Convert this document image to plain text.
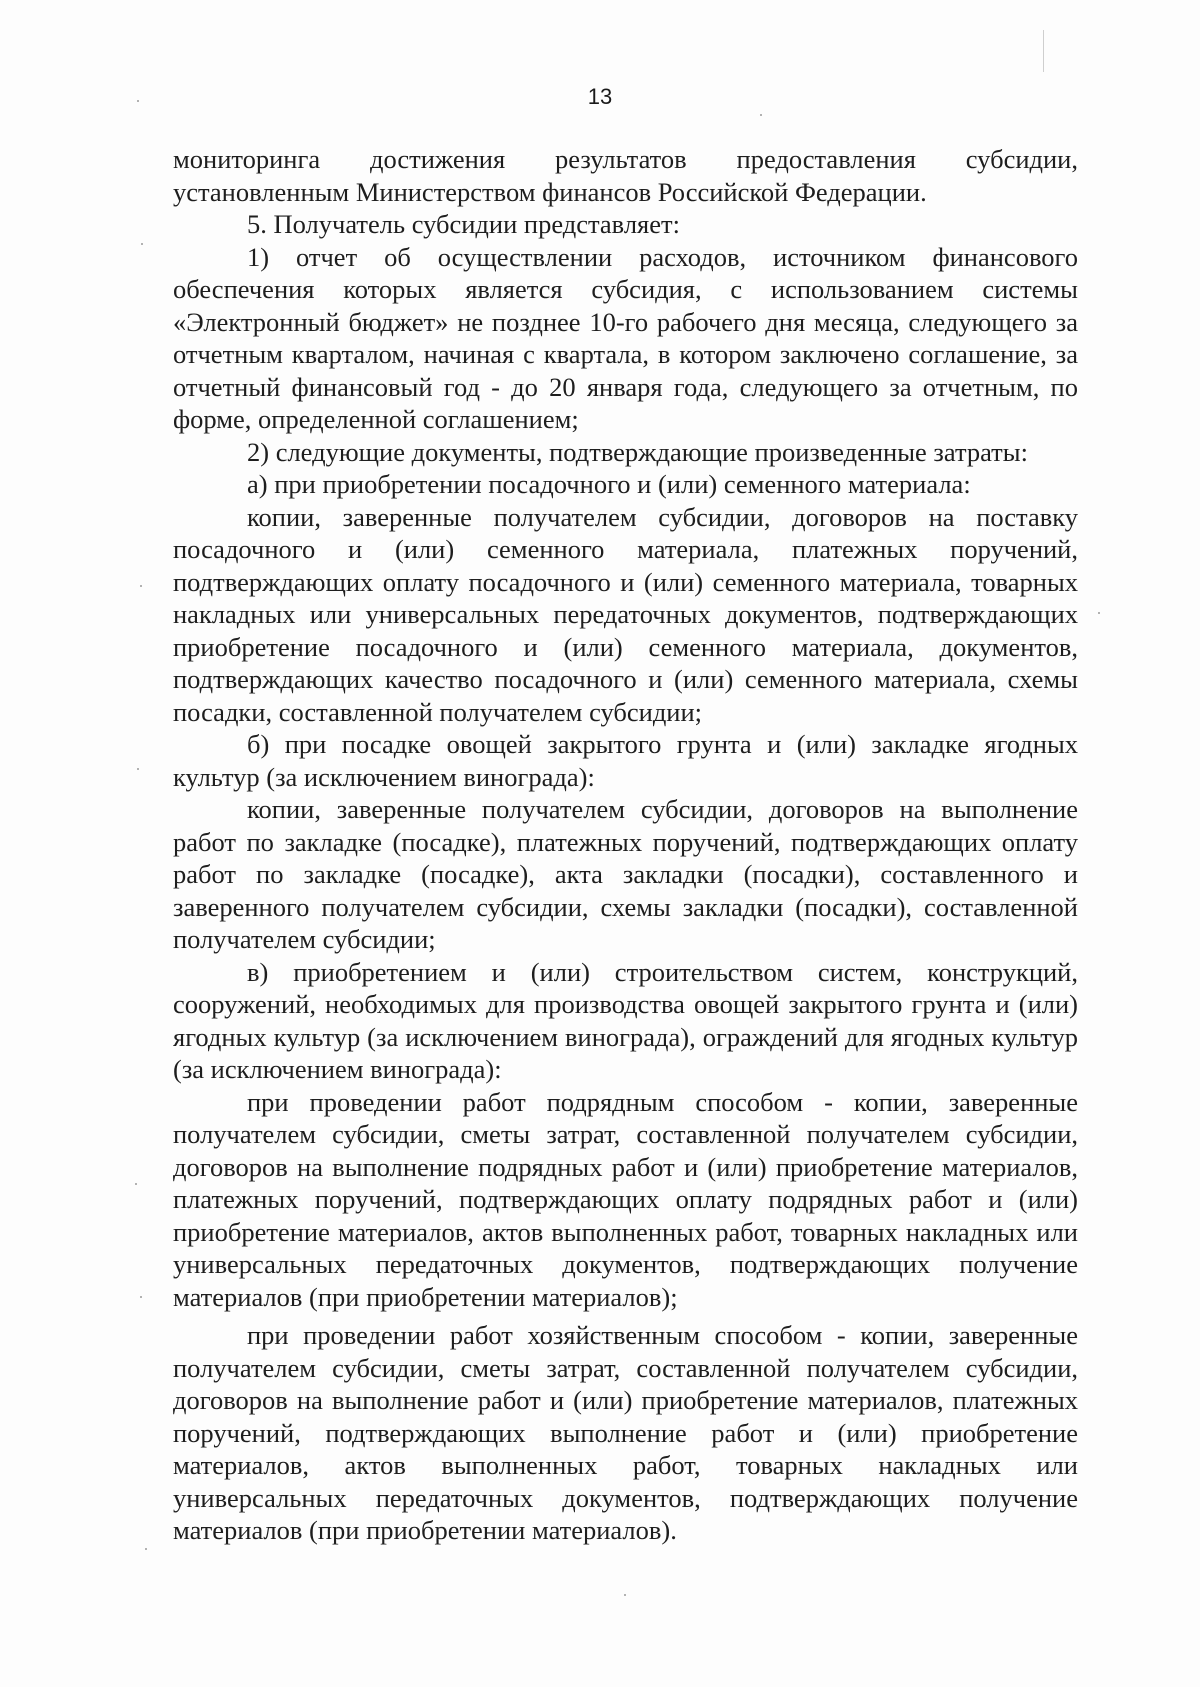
13

мониторинга достижения результатов предоставления субсидии, установленным Министерством финансов Российской Федерации.

5. Получатель субсидии представляет:

1) отчет об осуществлении расходов, источником финансового обеспечения которых является субсидия, с использованием системы «Электронный бюджет» не позднее 10-го рабочего дня месяца, следующего за отчетным кварталом, начиная с квартала, в котором заключено соглашение, за отчетный финансовый год - до 20 января года, следующего за отчетным, по форме, определенной соглашением;

2) следующие документы, подтверждающие произведенные затраты:

а) при приобретении посадочного и (или) семенного материала:

копии, заверенные получателем субсидии, договоров на поставку посадочного и (или) семенного материала, платежных поручений, подтверждающих оплату посадочного и (или) семенного материала, товарных накладных или универсальных передаточных документов, подтверждающих приобретение посадочного и (или) семенного материала, документов, подтверждающих качество посадочного и (или) семенного материала, схемы посадки, составленной получателем субсидии;

б) при посадке овощей закрытого грунта и (или) закладке ягодных культур (за исключением винограда):

копии, заверенные получателем субсидии, договоров на выполнение работ по закладке (посадке), платежных поручений, подтверждающих оплату работ по закладке (посадке), акта закладки (посадки), составленного и заверенного получателем субсидии, схемы закладки (посадки), составленной получателем субсидии;

в) приобретением и (или) строительством систем, конструкций, сооружений, необходимых для производства овощей закрытого грунта и (или) ягодных культур (за исключением винограда), ограждений для ягодных культур (за исключением винограда):

при проведении работ подрядным способом - копии, заверенные получателем субсидии, сметы затрат, составленной получателем субсидии, договоров на выполнение подрядных работ и (или) приобретение материалов, платежных поручений, подтверждающих оплату подрядных работ и (или) приобретение материалов, актов выполненных работ, товарных накладных или универсальных передаточных документов, подтверждающих получение материалов (при приобретении материалов);

при проведении работ хозяйственным способом - копии, заверенные получателем субсидии, сметы затрат, составленной получателем субсидии, договоров на выполнение работ и (или) приобретение материалов, платежных поручений, подтверждающих выполнение работ и (или) приобретение материалов, актов выполненных работ, товарных накладных или универсальных передаточных документов, подтверждающих получение материалов (при приобретении материалов).
